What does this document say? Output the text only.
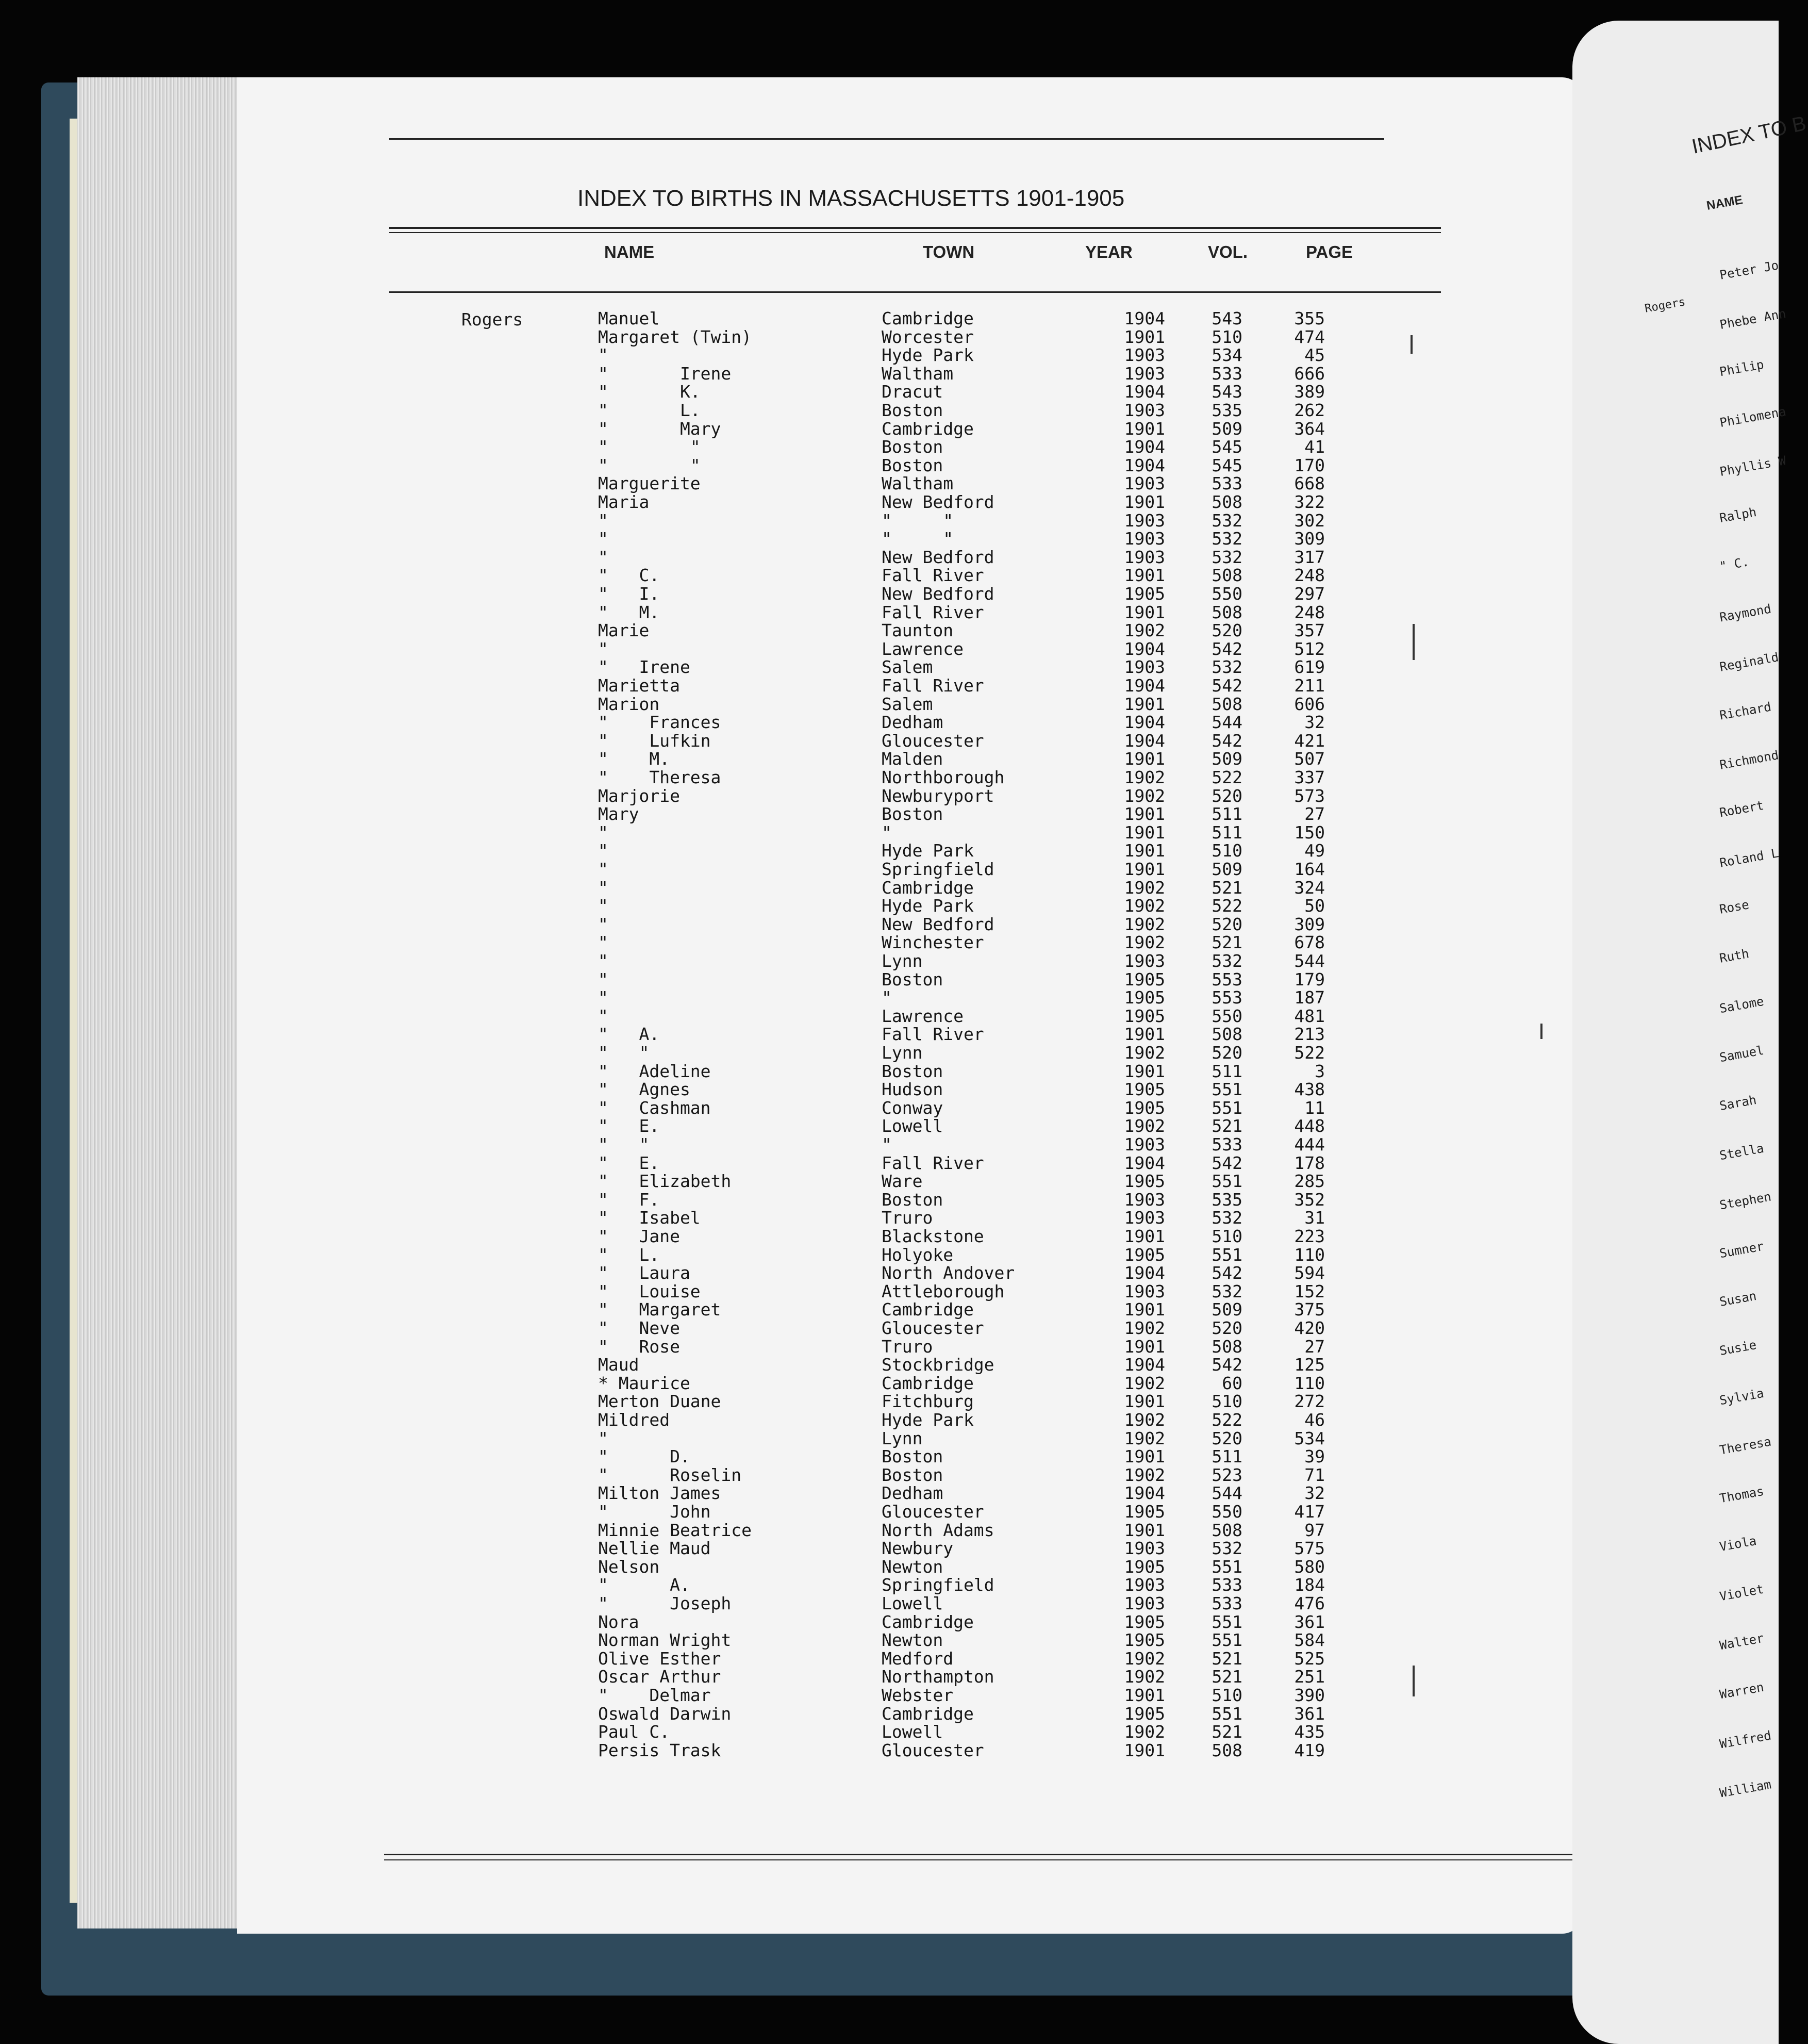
INDEX TO BIRTHS IN MASSACHUSETTS 1901-1905
NAME	TOWN	YEAR	VOL.	PAGE
Rogers	Manuel	Cambridge	1904	543	355
Margaret (Twin)	Worcester	1901	510	474
"	Hyde Park	1903	534	45
"       Irene	Waltham	1903	533	666
"       K.	Dracut	1904	543	389
"       L.	Boston	1903	535	262
"       Mary	Cambridge	1901	509	364
"        "	Boston	1904	545	41
"        "	Boston	1904	545	170
Marguerite	Waltham	1903	533	668
Maria	New Bedford	1901	508	322
"	"     "	1903	532	302
"	"     "	1903	532	309
"	New Bedford	1903	532	317
"   C.	Fall River	1901	508	248
"   I.	New Bedford	1905	550	297
"   M.	Fall River	1901	508	248
Marie	Taunton	1902	520	357
"	Lawrence	1904	542	512
"   Irene	Salem	1903	532	619
Marietta	Fall River	1904	542	211
Marion	Salem	1901	508	606
"    Frances	Dedham	1904	544	32
"    Lufkin	Gloucester	1904	542	421
"    M.	Malden	1901	509	507
"    Theresa	Northborough	1902	522	337
Marjorie	Newburyport	1902	520	573
Mary	Boston	1901	511	27
"	"	1901	511	150
"	Hyde Park	1901	510	49
"	Springfield	1901	509	164
"	Cambridge	1902	521	324
"	Hyde Park	1902	522	50
"	New Bedford	1902	520	309
"	Winchester	1902	521	678
"	Lynn	1903	532	544
"	Boston	1905	553	179
"	"	1905	553	187
"	Lawrence	1905	550	481
"   A.	Fall River	1901	508	213
"   "	Lynn	1902	520	522
"   Adeline	Boston	1901	511	3
"   Agnes	Hudson	1905	551	438
"   Cashman	Conway	1905	551	11
"   E.	Lowell	1902	521	448
"   "	"	1903	533	444
"   E.	Fall River	1904	542	178
"   Elizabeth	Ware	1905	551	285
"   F.	Boston	1903	535	352
"   Isabel	Truro	1903	532	31
"   Jane	Blackstone	1901	510	223
"   L.	Holyoke	1905	551	110
"   Laura	North Andover	1904	542	594
"   Louise	Attleborough	1903	532	152
"   Margaret	Cambridge	1901	509	375
"   Neve	Gloucester	1902	520	420
"   Rose	Truro	1901	508	27
Maud	Stockbridge	1904	542	125
* Maurice	Cambridge	1902	60	110
Merton Duane	Fitchburg	1901	510	272
Mildred	Hyde Park	1902	522	46
"	Lynn	1902	520	534
"      D.	Boston	1901	511	39
"      Roselin	Boston	1902	523	71
Milton James	Dedham	1904	544	32
"      John	Gloucester	1905	550	417
Minnie Beatrice	North Adams	1901	508	97
Nellie Maud	Newbury	1903	532	575
Nelson	Newton	1905	551	580
"      A.	Springfield	1903	533	184
"      Joseph	Lowell	1903	533	476
Nora	Cambridge	1905	551	361
Norman Wright	Newton	1905	551	584
Olive Esther	Medford	1902	521	525
Oscar Arthur	Northampton	1902	521	251
"    Delmar	Webster	1901	510	390
Oswald Darwin	Cambridge	1905	551	361
Paul C.	Lowell	1902	521	435
Persis Trask	Gloucester	1901	508	419
INDEX TO B
NAME
Rogers
Peter Jo
Phebe Ann
Philip
Philomena
Phyllis W
Ralph
" C.
Raymond
Reginald
Richard
Richmond
Robert
Roland L
Rose
Ruth
Salome
Samuel
Sarah
Stella
Stephen
Sumner
Susan
Susie
Sylvia
Theresa
Thomas
Viola
Violet
Walter
Warren
Wilfred
William
